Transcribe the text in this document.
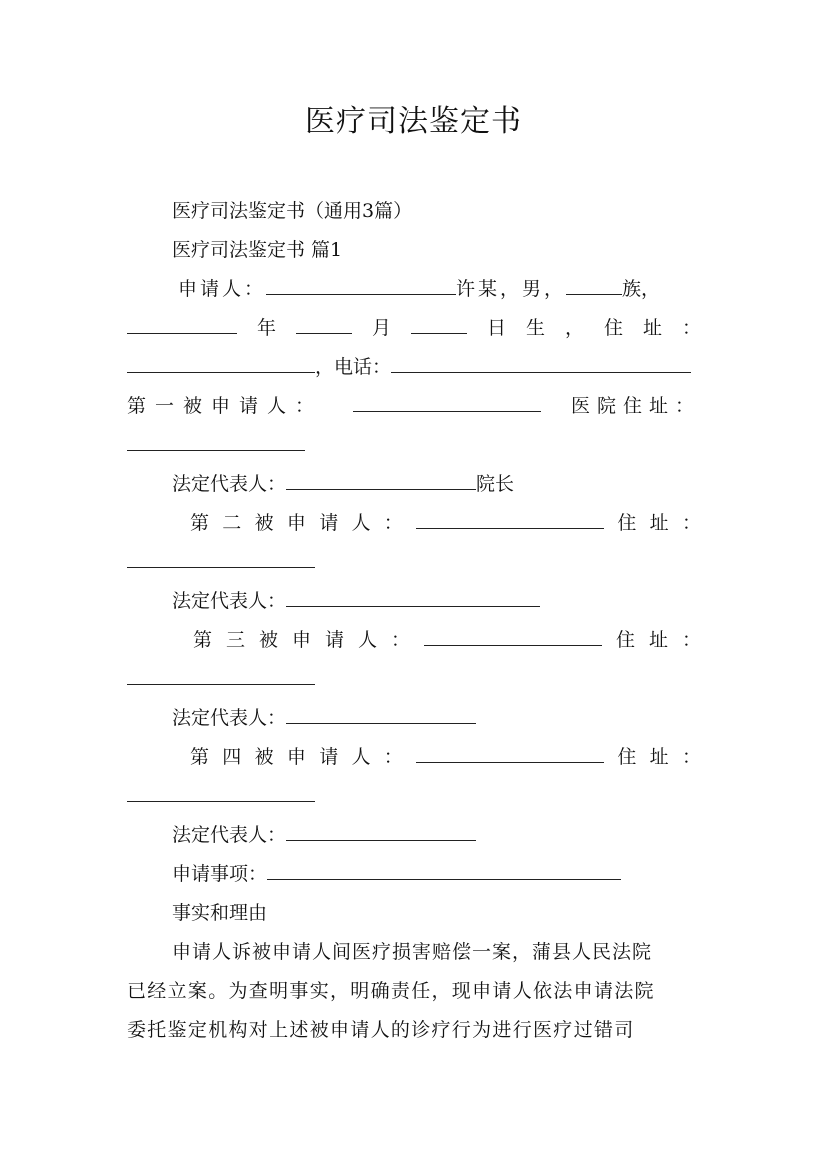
医疗司法鉴定书
医疗司法鉴定书（通用3篇）
医疗司法鉴定书 篇1
申请人：	许某，男，	族，
年	月	日 生 ， 住 址 ：
，电话：
第一被申请人：	医院住址：
法定代表人：	院长
第 二 被 申 请 人 ：	住 址 ：
法定代表人：
第 三 被 申 请 人 ：	住 址 ：
法定代表人：
第 四 被 申 请 人 ：	住 址 ：
法定代表人：
申请事项：
事实和理由
申请人诉被申请人间医疗损害赔偿一案，蒲县人民法院
已经立案。为查明事实，明确责任，现申请人依法申请法院
委托鉴定机构对上述被申请人的诊疗行为进行医疗过错司
